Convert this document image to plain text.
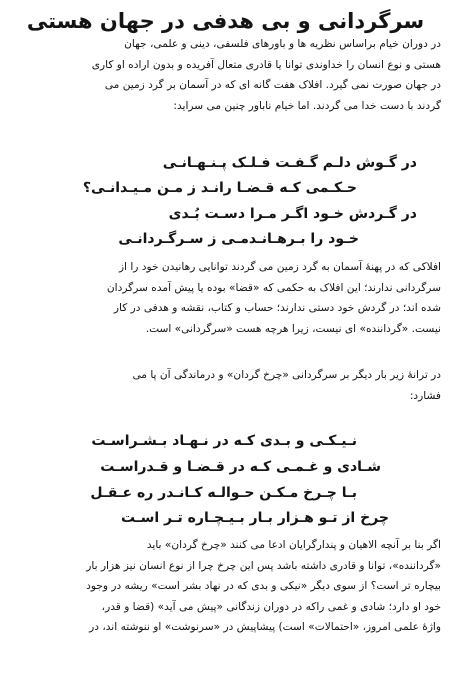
سرگردانی و بی هدفی در جهان هستی
در دوران خیام براساس نظریه ها و باورهای فلسفی، دینی و علمی، جهان
هستی و نوع انسان را خداوندی توانا یا قادری متعال آفریده و بدون اراده او کاری
در جهان صورت نمی گیرد. افلاک هفت گانه ای که در آسمان بر گرد زمین می
گردند با دست خدا می گردند. اما خیام ناباور چنین می سراید:

در گـوش دلـم گـفـت فـلـک پـنـهـانـی

حـکـمی کـه قـضـا رانـد ز مـن مـیـدانـی؟

در گـردش خـود اگـر مـرا دسـت بُـدی

خـود را بـرهـانـدمـی ز سـرگـردانـی

افلاکی که در پهنهٔ آسمان به گرد زمین می گردند توانایی رهانیدن خود را از
سرگردانی ندارند؛ این افلاک به حکمی که «قضا» بوده یا پیش آمده سرگردان
شده اند؛ در گردش خود دستی ندارند؛ حساب و کتاب، نقشه و هدفی در کار
نیست. «گرداننده» ای نیست، زیرا هرچه هست «سرگردانی» است.
در ترانهٔ زیر بار دیگر بر سرگردانی «چرخ گردان» و درماندگی آن پا می
فشارد:

نـیـکـی و بـدی کـه در نـهـاد بـشـراسـت

شـادی و غـمـی کـه در قـضـا و قـدراسـت

بـا چـرخ مـکـن حـوالـه کـانـدر ره عـقـل

چرخ از تـو هـزار بـار بـیـچـاره تـر اسـت

اگر بنا بر آنچه الاهیان و پندارگرایان ادعا می کنند «چرخ گردان» باید
«گرداننده»، توانا و قادری داشته باشد پس این چرخ چرا از نوع انسان نیز هزار بار
بیچاره تر است؟ از سوی دیگر «نیکی و بدی که در نهاد بشر است» ریشه در وجود
خود او دارد؛ شادی و غمی راکه در دوران زندگانی «پیش می آید» (قضا و قدر،
واژهٔ علمی امروز، «احتمالات» است) پیشاپیش در «سرنوشت» او ننوشته اند، در
